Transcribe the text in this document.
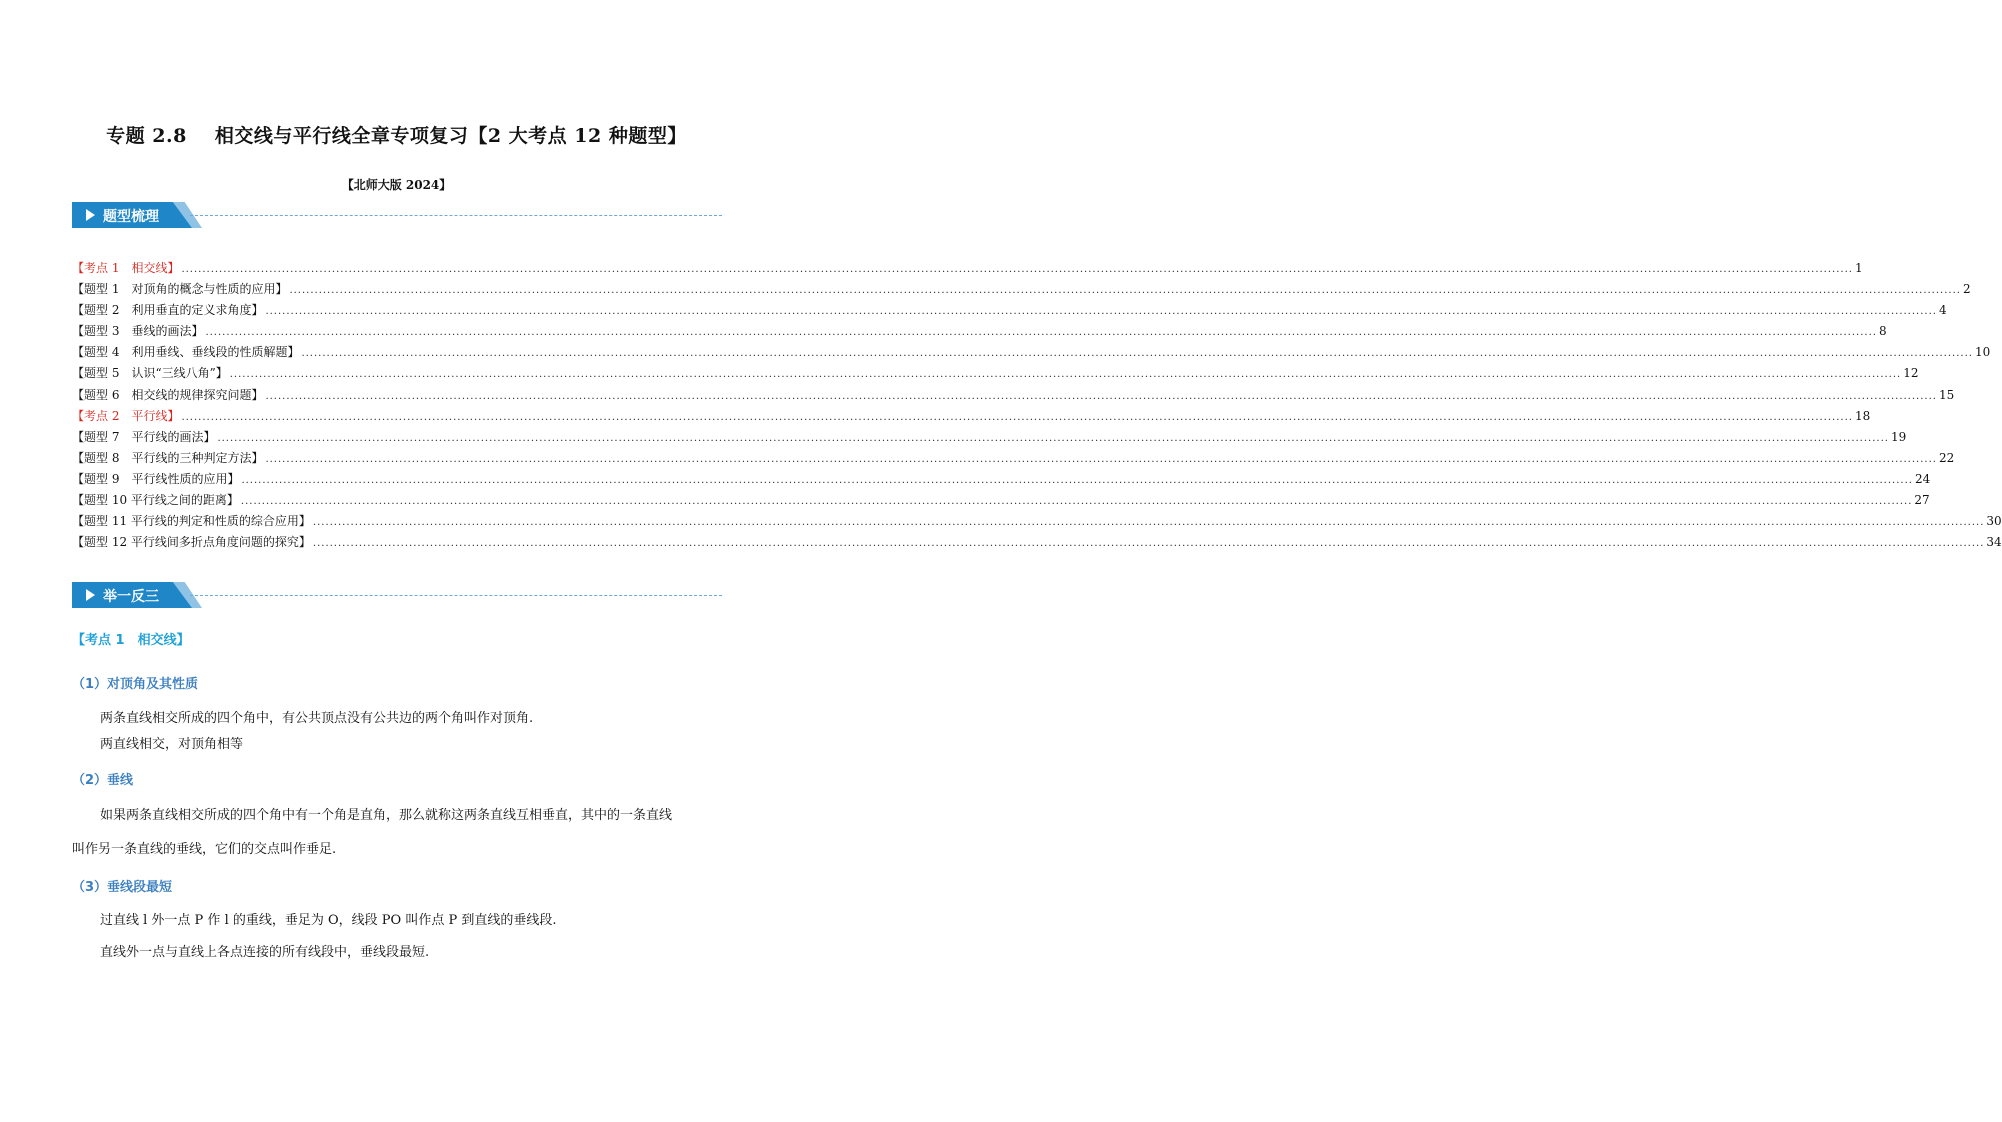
专题 2.8 相交线与平行线全章专项复习【2 大考点 12 种题型】
【北师大版 2024】
题型梳理
【考点 1　相交线】 ................................................................................................................................................................................................................................................................................................................................................................................................................ 1
【题型 1　对顶角的概念与性质的应用】 ................................................................................................................................................................................................................................................................................................................................................................................................................ 2
【题型 2　利用垂直的定义求角度】 ................................................................................................................................................................................................................................................................................................................................................................................................................ 4
【题型 3　垂线的画法】 ................................................................................................................................................................................................................................................................................................................................................................................................................ 8
【题型 4　利用垂线、垂线段的性质解题】 ................................................................................................................................................................................................................................................................................................................................................................................................................ 10
【题型 5　认识“三线八角”】 ................................................................................................................................................................................................................................................................................................................................................................................................................ 12
【题型 6　相交线的规律探究问题】 ................................................................................................................................................................................................................................................................................................................................................................................................................ 15
【考点 2　平行线】 ................................................................................................................................................................................................................................................................................................................................................................................................................ 18
【题型 7　平行线的画法】 ................................................................................................................................................................................................................................................................................................................................................................................................................ 19
【题型 8　平行线的三种判定方法】 ................................................................................................................................................................................................................................................................................................................................................................................................................ 22
【题型 9　平行线性质的应用】 ................................................................................................................................................................................................................................................................................................................................................................................................................ 24
【题型 10 平行线之间的距离】 ................................................................................................................................................................................................................................................................................................................................................................................................................ 27
【题型 11 平行线的判定和性质的综合应用】 ................................................................................................................................................................................................................................................................................................................................................................................................................ 30
【题型 12 平行线间多折点角度问题的探究】 ................................................................................................................................................................................................................................................................................................................................................................................................................ 34
举一反三
【考点 1　相交线】
（1）对顶角及其性质
两条直线相交所成的四个角中，有公共顶点没有公共边的两个角叫作对顶角.
两直线相交，对顶角相等
（2）垂线
如果两条直线相交所成的四个角中有一个角是直角，那么就称这两条直线互相垂直，其中的一条直线
叫作另一条直线的垂线，它们的交点叫作垂足.
（3）垂线段最短
过直线 l 外一点 P 作 l 的重线，垂足为 O，线段 PO 叫作点 P 到直线的垂线段.
直线外一点与直线上各点连接的所有线段中，垂线段最短.
